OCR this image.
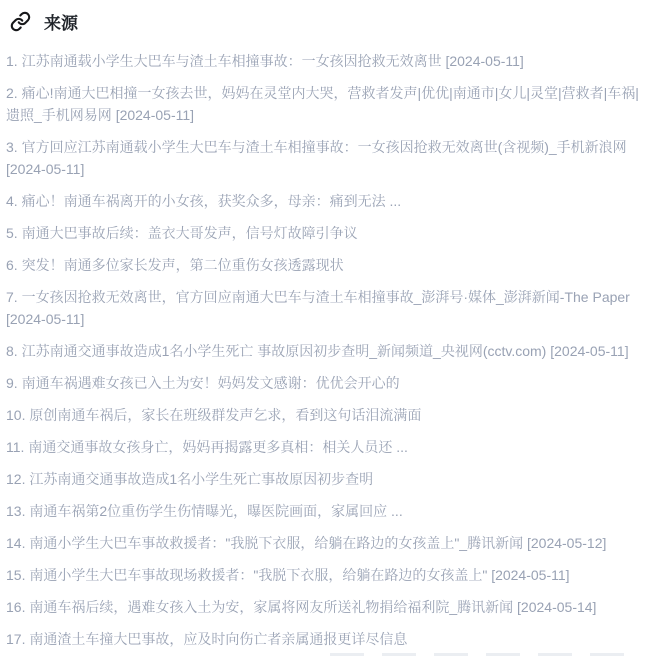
来源
1. 江苏南通载小学生大巴车与渣土车相撞事故：一女孩因抢救无效离世 [2024-05-11]
2. 痛心!南通大巴相撞一女孩去世，妈妈在灵堂内大哭，营救者发声|优优|南通市|女儿|灵堂|营救者|车祸|遗照_手机网易网 [2024-05-11]
3. 官方回应江苏南通载小学生大巴车与渣土车相撞事故：一女孩因抢救无效离世(含视频)_手机新浪网 [2024-05-11]
4. 痛心！南通车祸离开的小女孩，获奖众多，母亲：痛到无法 ...
5. 南通大巴事故后续：盖衣大哥发声，信号灯故障引争议
6. 突发！南通多位家长发声，第二位重伤女孩透露现状
7. 一女孩因抢救无效离世，官方回应南通大巴车与渣土车相撞事故_澎湃号·媒体_澎湃新闻-The Paper [2024-05-11]
8. 江苏南通交通事故造成1名小学生死亡 事故原因初步查明_新闻频道_央视网(cctv.com) [2024-05-11]
9. 南通车祸遇难女孩已入土为安！妈妈发文感谢：优优会开心的
10. 原创南通车祸后，家长在班级群发声乞求，看到这句话泪流满面
11. 南通交通事故女孩身亡，妈妈再揭露更多真相：相关人员还 ...
12. 江苏南通交通事故造成1名小学生死亡事故原因初步查明
13. 南通车祸第2位重伤学生伤情曝光，曝医院画面，家属回应 ...
14. 南通小学生大巴车事故救援者："我脱下衣服，给躺在路边的女孩盖上"_腾讯新闻 [2024-05-12]
15. 南通小学生大巴车事故现场救援者："我脱下衣服，给躺在路边的女孩盖上" [2024-05-11]
16. 南通车祸后续，遇难女孩入土为安，家属将网友所送礼物捐给福利院_腾讯新闻 [2024-05-14]
17. 南通渣土车撞大巴事故，应及时向伤亡者亲属通报更详尽信息
